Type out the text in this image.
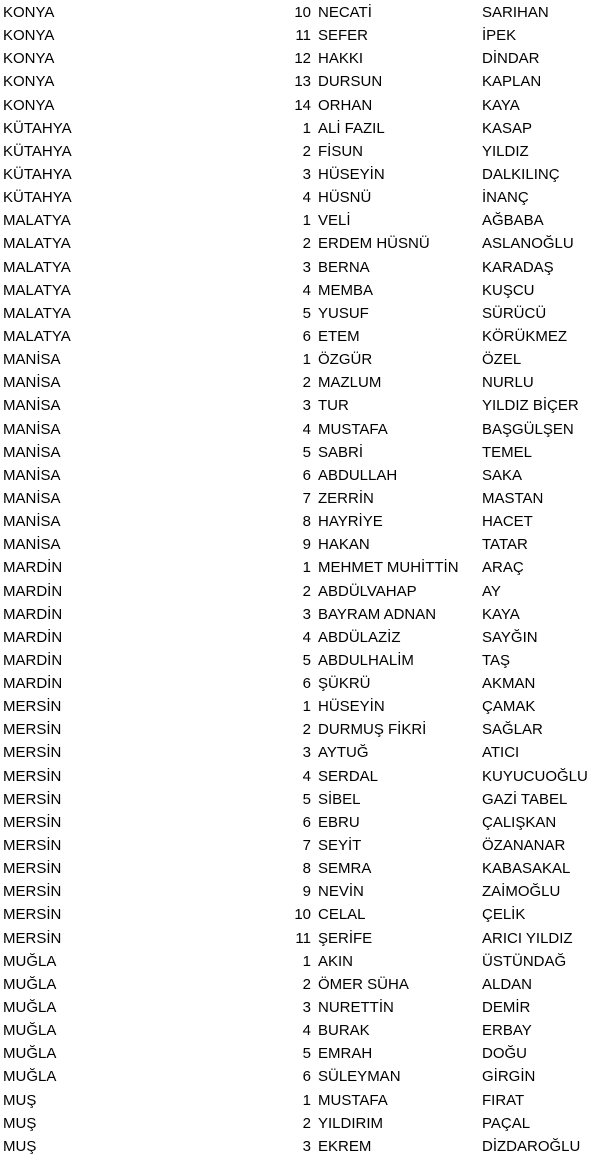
KONYA	10 NECATİ	SARIHAN
KONYA	11 SEFER	İPEK
KONYA	12 HAKKI	DİNDAR
KONYA	13 DURSUN	KAPLAN
KONYA	14 ORHAN	KAYA
KÜTAHYA	1 ALİ FAZIL	KASAP
KÜTAHYA	2 FİSUN	YILDIZ
KÜTAHYA	3 HÜSEYİN	DALKILINÇ
KÜTAHYA	4 HÜSNÜ	İNANÇ
MALATYA	1 VELİ	AĞBABA
MALATYA	2 ERDEM HÜSNÜ	ASLANOĞLU
MALATYA	3 BERNA	KARADAŞ
MALATYA	4 MEMBA	KUŞCU
MALATYA	5 YUSUF	SÜRÜCÜ
MALATYA	6 ETEM	KÖRÜKMEZ
MANİSA	1 ÖZGÜR	ÖZEL
MANİSA	2 MAZLUM	NURLU
MANİSA	3 TUR	YILDIZ BİÇER
MANİSA	4 MUSTAFA	BAŞGÜLŞEN
MANİSA	5 SABRİ	TEMEL
MANİSA	6 ABDULLAH	SAKA
MANİSA	7 ZERRİN	MASTAN
MANİSA	8 HAYRİYE	HACET
MANİSA	9 HAKAN	TATAR
MARDİN	1 MEHMET MUHİTTİN	ARAÇ
MARDİN	2 ABDÜLVAHAP	AY
MARDİN	3 BAYRAM ADNAN	KAYA
MARDİN	4 ABDÜLAZİZ	SAYĞIN
MARDİN	5 ABDULHALİM	TAŞ
MARDİN	6 ŞÜKRÜ	AKMAN
MERSİN	1 HÜSEYİN	ÇAMAK
MERSİN	2 DURMUŞ FİKRİ	SAĞLAR
MERSİN	3 AYTUĞ	ATICI
MERSİN	4 SERDAL	KUYUCUOĞLU
MERSİN	5 SİBEL	GAZİ TABEL
MERSİN	6 EBRU	ÇALIŞKAN
MERSİN	7 SEYİT	ÖZANANAR
MERSİN	8 SEMRA	KABASAKAL
MERSİN	9 NEVİN	ZAİMOĞLU
MERSİN	10 CELAL	ÇELİK
MERSİN	11 ŞERİFE	ARICI YILDIZ
MUĞLA	1 AKIN	ÜSTÜNDAĞ
MUĞLA	2 ÖMER SÜHA	ALDAN
MUĞLA	3 NURETTİN	DEMİR
MUĞLA	4 BURAK	ERBAY
MUĞLA	5 EMRAH	DOĞU
MUĞLA	6 SÜLEYMAN	GİRGİN
MUŞ	1 MUSTAFA	FIRAT
MUŞ	2 YILDIRIM	PAÇAL
MUŞ	3 EKREM	DİZDAROĞLU
